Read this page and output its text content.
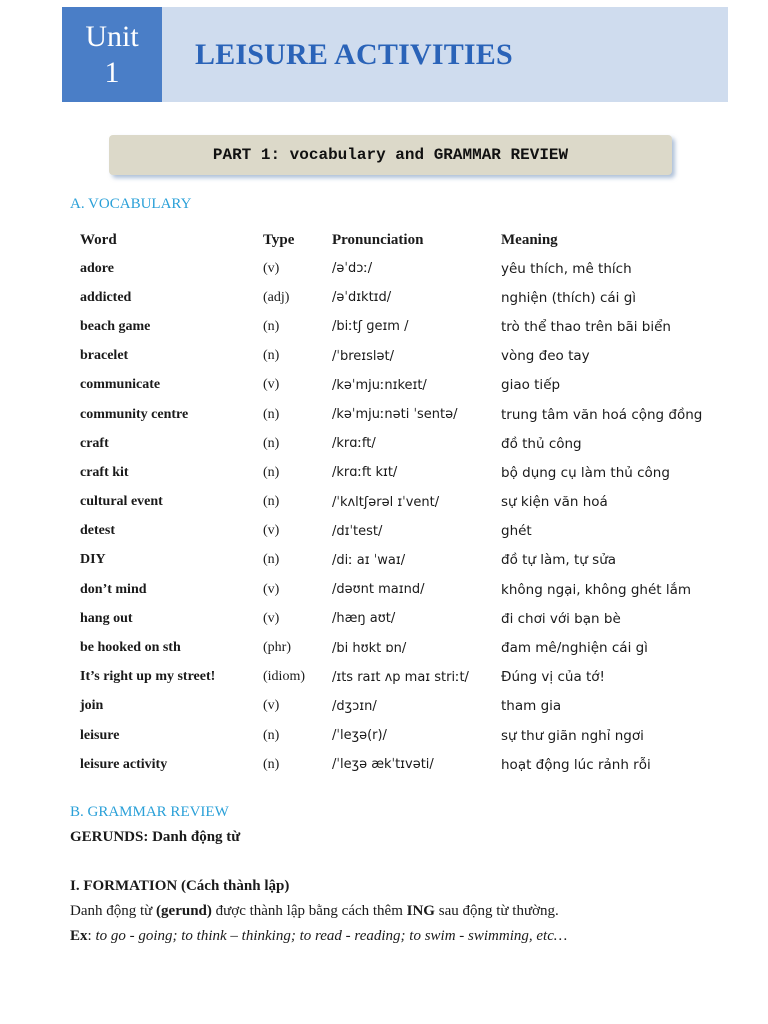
Unit
1
LEISURE ACTIVITIES
PART 1: vocabulary and GRAMMAR REVIEW
A. VOCABULARY
Word	Type	Pronunciation	Meaning
adore	(v)	/əˈdɔː/	yêu thích, mê thích
addicted	(adj)	/əˈdɪktɪd/	nghiện (thích) cái gì
beach game	(n)	/biːtʃ ɡeɪm /	trò thể thao trên bãi biển
bracelet	(n)	/ˈbreɪslət/	vòng đeo tay
communicate	(v)	/kəˈmjuːnɪkeɪt/	giao tiếp
community centre	(n)	/kəˈmjuːnəti ˈsentə/	trung tâm văn hoá cộng đồng
craft	(n)	/krɑːft/	đồ thủ công
craft kit	(n)	/krɑːft kɪt/	bộ dụng cụ làm thủ công
cultural event	(n)	/ˈkʌltʃərəl ɪˈvent/	sự kiện văn hoá
detest	(v)	/dɪˈtest/	ghét
DIY	(n)	/diː aɪ ˈwaɪ/	đồ tự làm, tự sửa
don’t mind	(v)	/dəʊnt maɪnd/	không ngại, không ghét lắm
hang out	(v)	/hæŋ aʊt/	đi chơi với bạn bè
be hooked on sth	(phr)	/bi hʊkt ɒn/	đam mê/nghiện cái gì
It’s right up my street!	(idiom)	/ɪts raɪt ʌp maɪ striːt/	Đúng vị của tớ!
join	(v)	/dʒɔɪn/	tham gia
leisure	(n)	/ˈleʒə(r)/	sự thư giãn nghỉ ngơi
leisure activity	(n)	/ˈleʒə ækˈtɪvəti/	hoạt động lúc rảnh rỗi
B. GRAMMAR REVIEW
GERUNDS: Danh động từ
I. FORMATION (Cách thành lập)
Danh động từ (gerund) được thành lập bằng cách thêm ING sau động từ thường.
Ex: to go - going; to think – thinking; to read - reading; to swim - swimming, etc…
